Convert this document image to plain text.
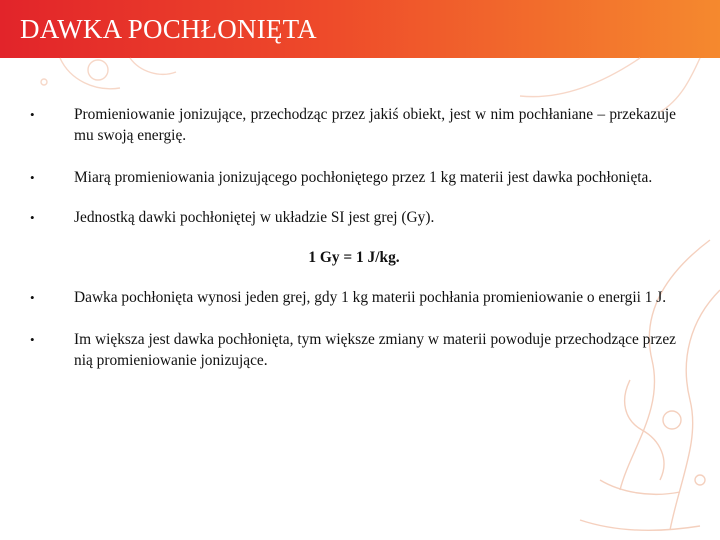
DAWKA POCHŁONIĘTA
•	Promieniowanie jonizujące, przechodząc przez jakiś obiekt, jest w nim pochłaniane – przekazuje mu swoją energię.
•	Miarą promieniowania jonizującego pochłoniętego przez 1 kg materii jest dawka pochłonięta.
•	Jednostką dawki pochłoniętej w układzie SI jest grej (Gy).
1 Gy = 1 J/kg.
•	Dawka pochłonięta wynosi jeden grej, gdy 1 kg materii pochłania promieniowanie o energii 1 J.
•	Im większa jest dawka pochłonięta, tym większe zmiany w materii powoduje przechodzące przez nią promieniowanie jonizujące.
